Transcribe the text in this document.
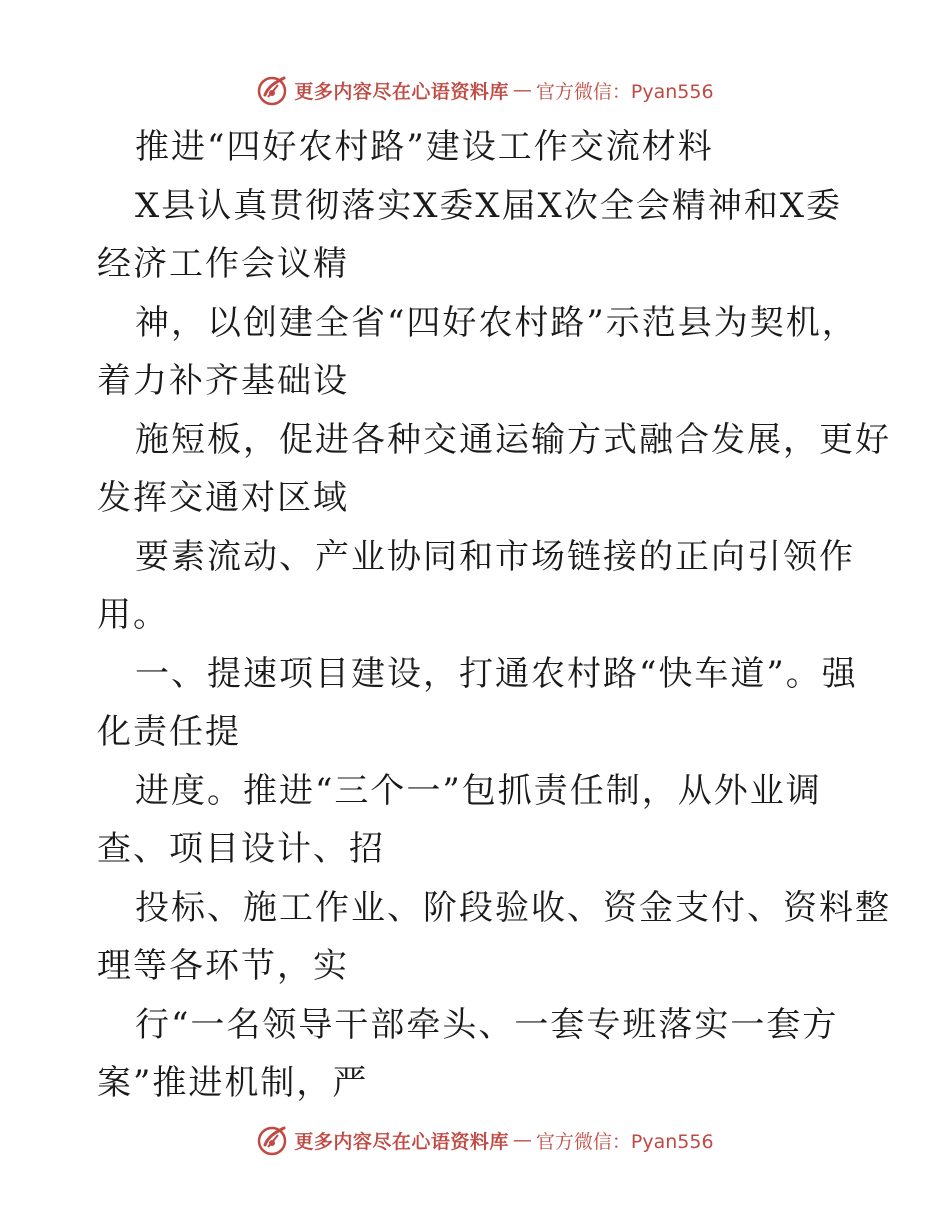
更多内容尽在心语资料库 — 官方微信：Pyan556
推进“四好农村路”建设工作交流材料
X县认真贯彻落实X委X届X次全会精神和X委
经济工作会议精
神，以创建全省“四好农村路”示范县为契机，
着力补齐基础设
施短板，促进各种交通运输方式融合发展，更好
发挥交通对区域
要素流动、产业协同和市场链接的正向引领作
用。
一、提速项目建设，打通农村路“快车道”。强
化责任提
进度。推进“三个一”包抓责任制，从外业调
查、项目设计、招
投标、施工作业、阶段验收、资金支付、资料整
理等各环节，实
行“一名领导干部牵头、一套专班落实一套方
案”推进机制，严
更多内容尽在心语资料库 — 官方微信：Pyan556
